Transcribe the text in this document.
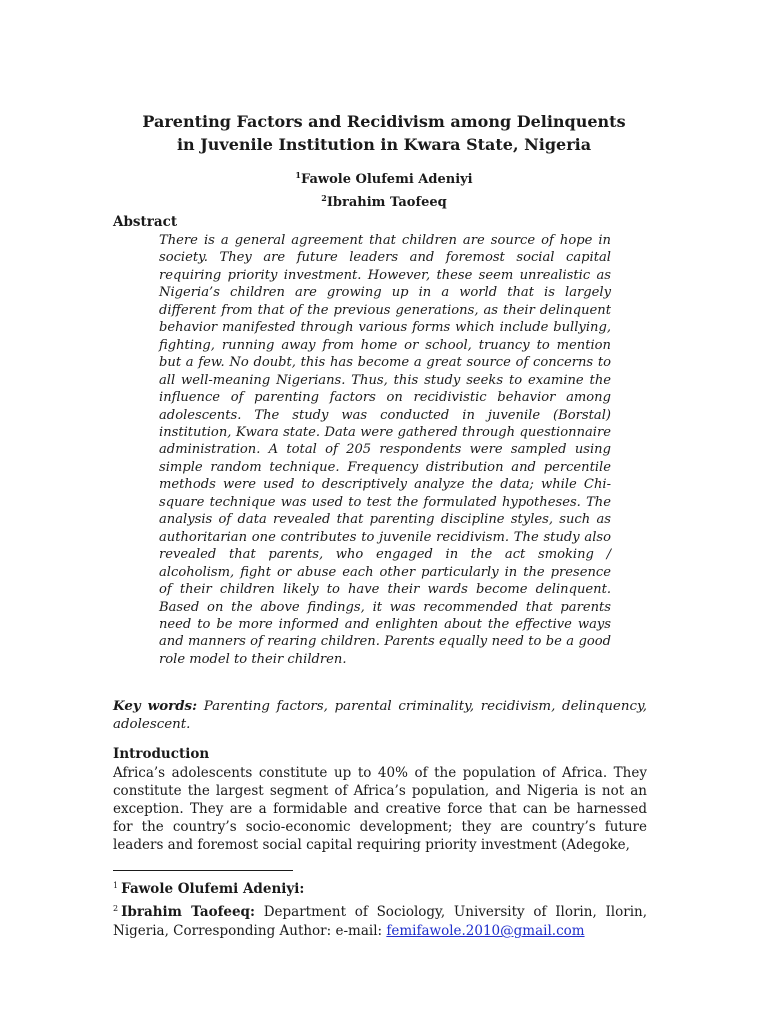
Parenting Factors and Recidivism among Delinquents
in Juvenile Institution in Kwara State, Nigeria
$^1$Fawole Olufemi Adeniyi
$^2$Ibrahim Taofeeq
Abstract

There is a general agreement that children are source of hope in society. They are future leaders and foremost social capital requiring priority investment. However, these seem unrealistic as Nigeria’s children are growing up in a world that is largely different from that of the previous generations, as their delinquent behavior manifested through various forms which include bullying, fighting, running away from home or school, truancy to mention but a few. No doubt, this has become a great source of concerns to all well-meaning Nigerians. Thus, this study seeks to examine the influence of parenting factors on recidivistic behavior among adolescents. The study was conducted in juvenile (Borstal) institution, Kwara state. Data were gathered through questionnaire administration. A total of 205 respondents were sampled using simple random technique. Frequency distribution and percentile methods were used to descriptively analyze the data; while Chi-square technique was used to test the formulated hypotheses. The analysis of data revealed that parenting discipline styles, such as authoritarian one contributes to juvenile recidivism. The study also revealed that parents, who engaged in the act smoking / alcoholism, fight or abuse each other particularly in the presence of their children likely to have their wards become delinquent. Based on the above findings, it was recommended that parents need to be more informed and enlighten about the effective ways and manners of rearing children. Parents equally need to be a good role model to their children.

Key words: Parenting factors, parental criminality, recidivism, delinquency, adolescent.
Introduction

Africa’s adolescents constitute up to 40% of the population of Africa. They constitute the largest segment of Africa’s population, and Nigeria is not an exception. They are a formidable and creative force that can be harnessed for the country’s socio-economic development; they are country’s future leaders and foremost social capital requiring priority investment (Adegoke,

$^1$ Fawole Olufemi Adeniyi:
$^2$ Ibrahim Taofeeq: Department of Sociology, University of Ilorin, Ilorin, Nigeria, Corresponding Author: e-mail: femifawole.2010@gmail.com
